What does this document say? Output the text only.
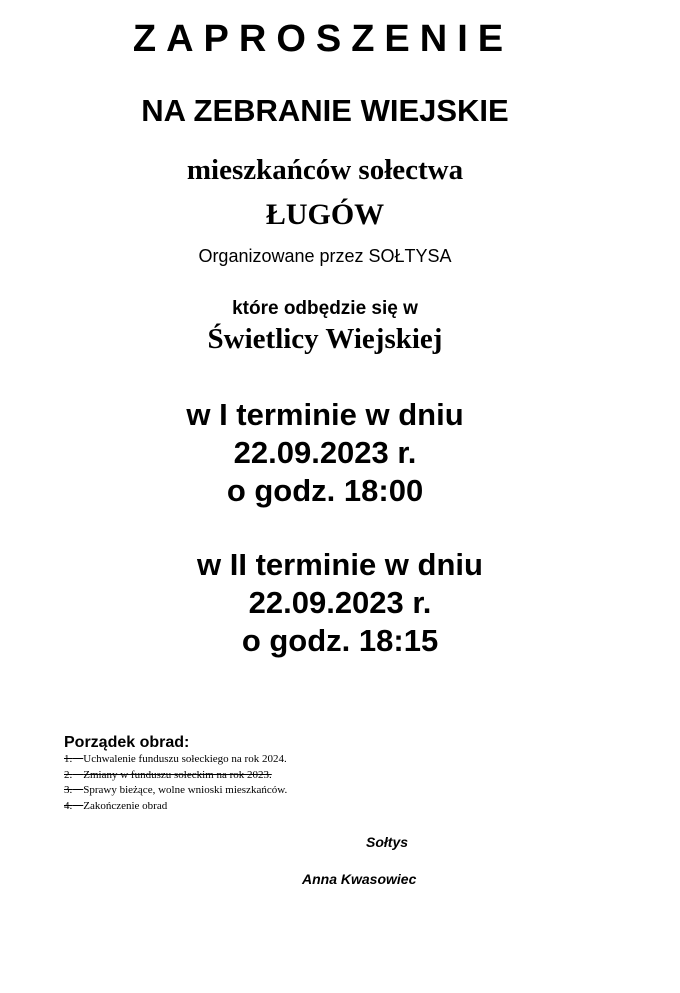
ZAPROSZENIE
NA ZEBRANIE WIEJSKIE
mieszkańców sołectwa
ŁUGÓW
Organizowane przez SOŁTYSA
które odbędzie się w
Świetlicy Wiejskiej
w I terminie w dniu
22.09.2023 r.
o godz. 18:00
w II terminie w dniu
22.09.2023 r.
o godz. 18:15
Porządek obrad:
1. Uchwalenie funduszu sołeckiego na rok 2024.
2. Zmiany w funduszu sołeckim na rok 2023.
3. Sprawy bieżące, wolne wnioski mieszkańców.
4. Zakończenie obrad
Sołtys
Anna Kwasowiec
